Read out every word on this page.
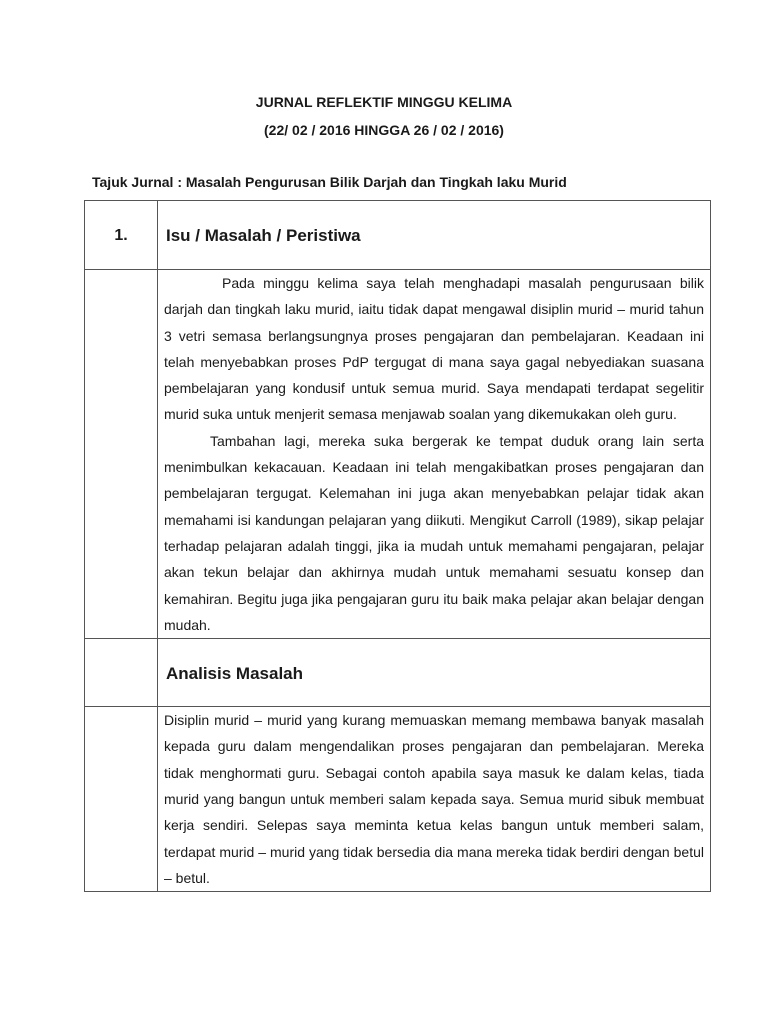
JURNAL REFLEKTIF MINGGU KELIMA
(22/ 02 / 2016 HINGGA 26 / 02 / 2016)
Tajuk Jurnal : Masalah Pengurusan Bilik Darjah dan Tingkah laku Murid
1.	Isu / Masalah / Peristiwa

	Pada minggu kelima saya telah menghadapi masalah pengurusaan bilik darjah dan tingkah laku murid, iaitu tidak dapat mengawal disiplin murid – murid tahun 3 vetri semasa berlangsungnya proses pengajaran dan pembelajaran. Keadaan ini telah menyebabkan proses PdP tergugat di mana saya gagal nebyediakan suasana pembelajaran yang kondusif untuk semua murid. Saya mendapati terdapat segelitir murid suka untuk menjerit semasa menjawab soalan yang dikemukakan oleh guru.

Tambahan lagi, mereka suka bergerak ke tempat duduk orang lain serta menimbulkan kekacauan. Keadaan ini telah mengakibatkan proses pengajaran dan pembelajaran tergugat. Kelemahan ini juga akan menyebabkan pelajar tidak akan memahami isi kandungan pelajaran yang diikuti. Mengikut Carroll (1989), sikap pelajar terhadap pelajaran adalah tinggi, jika ia mudah untuk memahami pengajaran, pelajar akan tekun belajar dan akhirnya mudah untuk memahami sesuatu konsep dan kemahiran. Begitu juga jika pengajaran guru itu baik maka pelajar akan belajar dengan mudah.

	Analisis Masalah

	Disiplin murid – murid yang kurang memuaskan memang membawa banyak masalah kepada guru dalam mengendalikan proses pengajaran dan pembelajaran. Mereka tidak menghormati guru. Sebagai contoh apabila saya masuk ke dalam kelas, tiada murid yang bangun untuk memberi salam kepada saya. Semua murid sibuk membuat kerja sendiri. Selepas saya meminta ketua kelas bangun untuk memberi salam, terdapat murid – murid yang tidak bersedia dia mana mereka tidak berdiri dengan betul – betul.
